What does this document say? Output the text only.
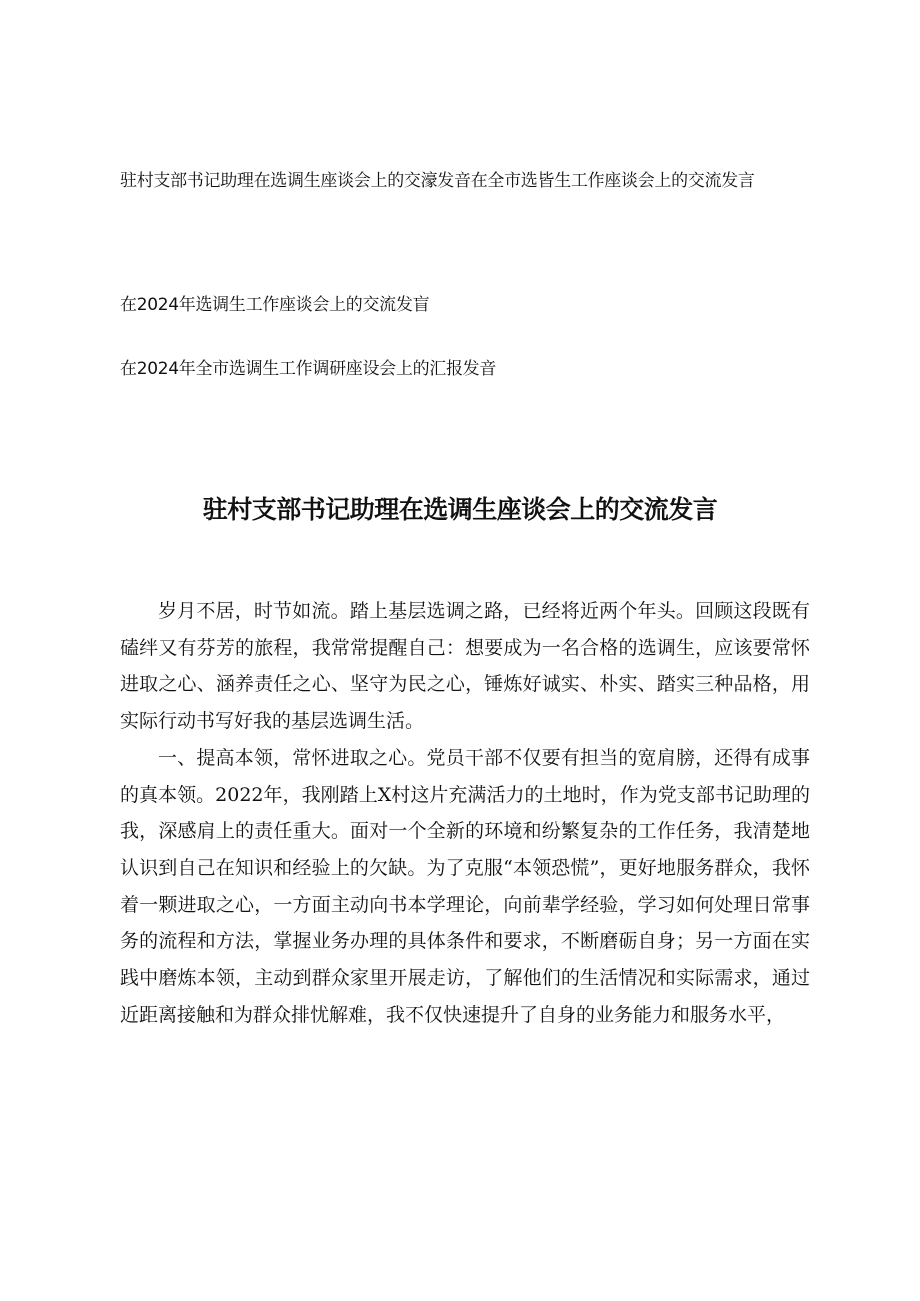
驻村支部书记助理在选调生座谈会上的交濠发音在全市选皆生工作座谈会上的交流发言

在2024年选调生工作座谈会上的交流发盲

在2024年全市选调生工作调研座设会上的汇报发音

驻村支部书记助理在选调生座谈会上的交流发言

岁月不居，时节如流。踏上基层选调之路，已经将近两个年头。回顾这段既有磕绊又有芬芳的旅程，我常常提醒自己：想要成为一名合格的选调生，应该要常怀进取之心、涵养责任之心、坚守为民之心，锤炼好诚实、朴实、踏实三种品格，用实际行动书写好我的基层选调生活。

一、提高本领，常怀进取之心。党员干部不仅要有担当的宽肩膀，还得有成事的真本领。2022年，我刚踏上X村这片充满活力的土地时，作为党支部书记助理的我，深感肩上的责任重大。面对一个全新的环境和纷繁复杂的工作任务，我清楚地认识到自己在知识和经验上的欠缺。为了克服“本领恐慌”，更好地服务群众，我怀着一颗进取之心，一方面主动向书本学理论，向前辈学经验，学习如何处理日常事务的流程和方法，掌握业务办理的具体条件和要求，不断磨砺自身；另一方面在实践中磨炼本领，主动到群众家里开展走访，了解他们的生活情况和实际需求，通过近距离接触和为群众排忧解难，我不仅快速提升了自身的业务能力和服务水平，
